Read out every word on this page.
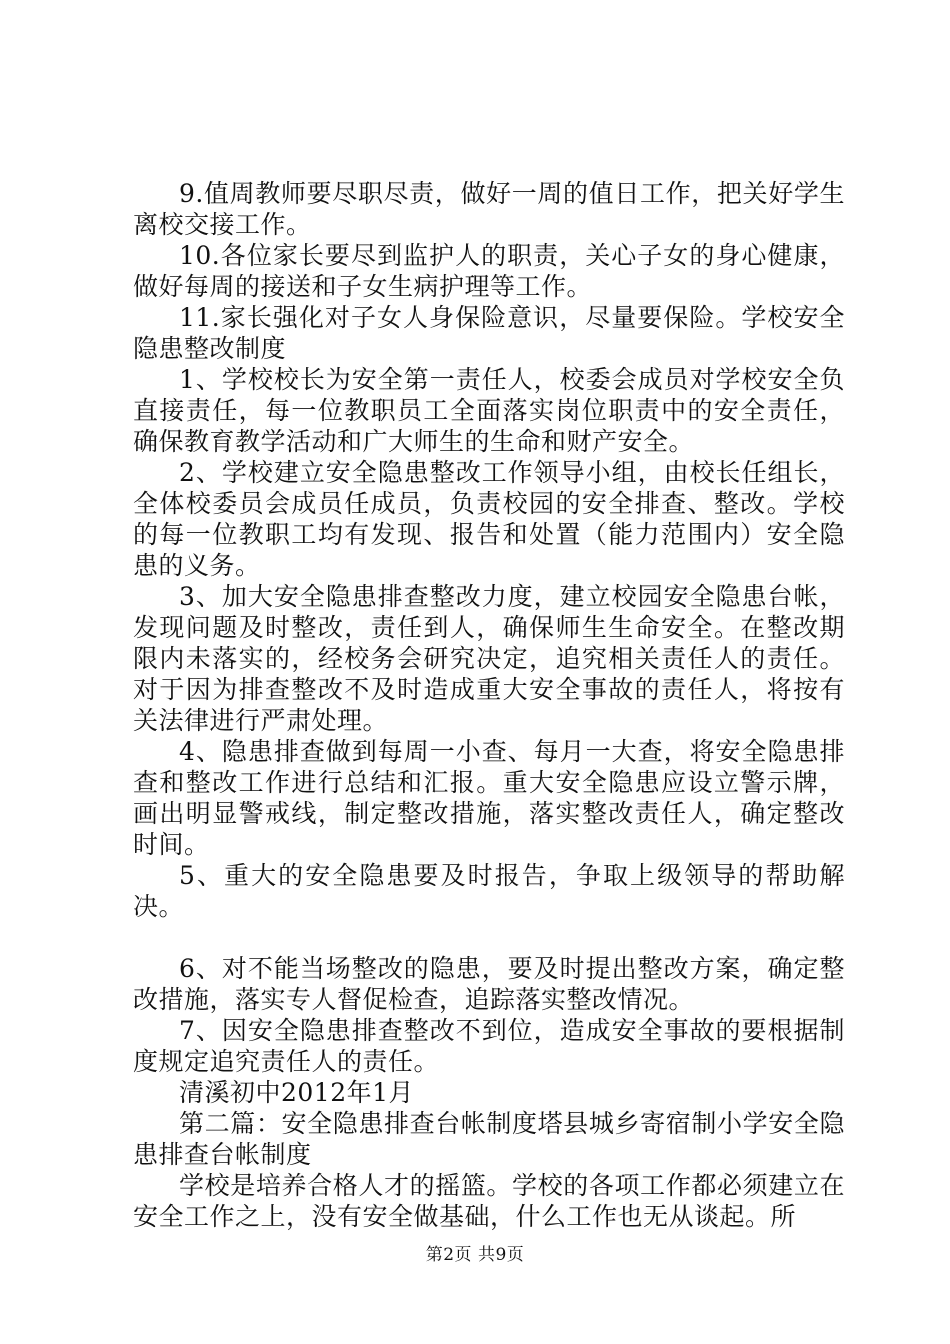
9.值周教师要尽职尽责，做好一周的值日工作，把关好学生离校交接工作。

10.各位家长要尽到监护人的职责，关心子女的身心健康，做好每周的接送和子女生病护理等工作。

11.家长强化对子女人身保险意识，尽量要保险。学校安全隐患整改制度

1、学校校长为安全第一责任人，校委会成员对学校安全负直接责任，每一位教职员工全面落实岗位职责中的安全责任，确保教育教学活动和广大师生的生命和财产安全。

2、学校建立安全隐患整改工作领导小组，由校长任组长，全体校委员会成员任成员，负责校园的安全排查、整改。学校的每一位教职工均有发现、报告和处置（能力范围内）安全隐患的义务。

3、加大安全隐患排查整改力度，建立校园安全隐患台帐，发现问题及时整改，责任到人，确保师生生命安全。在整改期限内未落实的，经校务会研究决定，追究相关责任人的责任。对于因为排查整改不及时造成重大安全事故的责任人，将按有关法律进行严肃处理。

4、隐患排查做到每周一小查、每月一大查，将安全隐患排查和整改工作进行总结和汇报。重大安全隐患应设立警示牌，画出明显警戒线，制定整改措施，落实整改责任人，确定整改时间。

5、重大的安全隐患要及时报告，争取上级领导的帮助解决。

6、对不能当场整改的隐患，要及时提出整改方案，确定整改措施，落实专人督促检查，追踪落实整改情况。

7、因安全隐患排查整改不到位，造成安全事故的要根据制度规定追究责任人的责任。

清溪初中2012年1月

第二篇：安全隐患排查台帐制度塔县城乡寄宿制小学安全隐患排查台帐制度

学校是培养合格人才的摇篮。学校的各项工作都必须建立在安全工作之上，没有安全做基础，什么工作也无从谈起。所

第2页 共9页
